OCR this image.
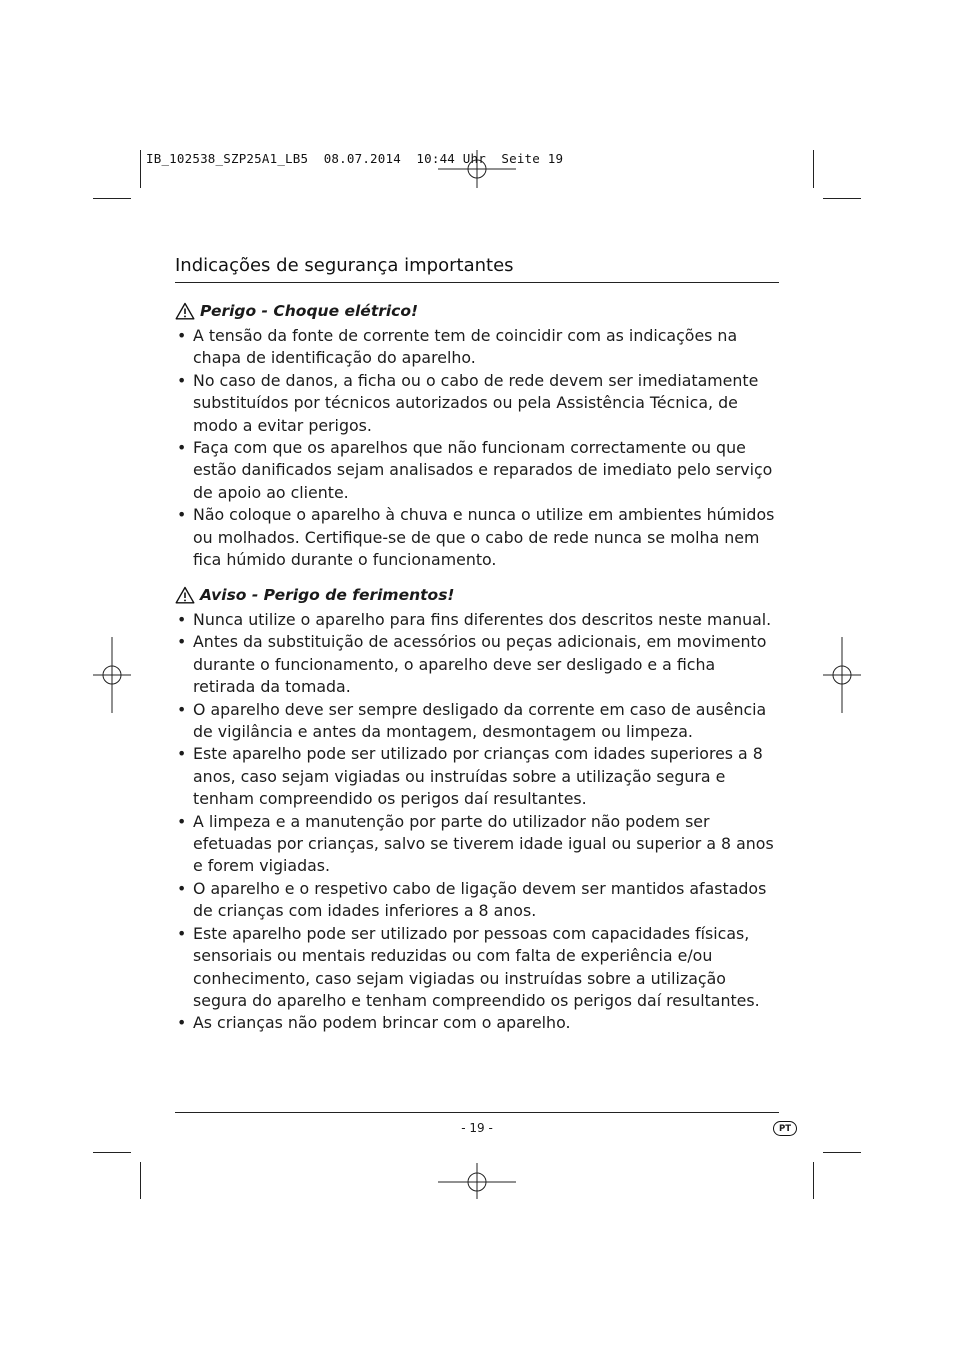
IB_102538_SZP25A1_LB5  08.07.2014  10:44 Uhr  Seite 19
Indicações de segurança importantes
Perigo - Choque elétrico!
• A tensão da fonte de corrente tem de coincidir com as indicações na chapa de identificação do aparelho.
• No caso de danos, a ficha ou o cabo de rede devem ser imediatamente substituídos por técnicos autorizados ou pela Assistência Técnica, de modo a evitar perigos.
• Faça com que os aparelhos que não funcionam correctamente ou que estão danificados sejam analisados e reparados de imediato pelo serviço de apoio ao cliente.
• Não coloque o aparelho à chuva e nunca o utilize em ambientes húmidos ou molhados. Certifique-se de que o cabo de rede nunca se molha nem fica húmido durante o funcionamento.
Aviso - Perigo de ferimentos!
• Nunca utilize o aparelho para fins diferentes dos descritos neste manual.
• Antes da substituição de acessórios ou peças adicionais, em movimento durante o funcionamento, o aparelho deve ser desligado e a ficha retirada da tomada.
• O aparelho deve ser sempre desligado da corrente em caso de ausência de vigilância e antes da montagem, desmontagem ou limpeza.
• Este aparelho pode ser utilizado por crianças com idades superiores a 8 anos, caso sejam vigiadas ou instruídas sobre a utilização segura e tenham compreendido os perigos daí resultantes.
• A limpeza e a manutenção por parte do utilizador não podem ser efetuadas por crianças, salvo se tiverem idade igual ou superior a 8 anos e forem vigiadas.
• O aparelho e o respetivo cabo de ligação devem ser mantidos afastados de crianças com idades inferiores a 8 anos.
• Este aparelho pode ser utilizado por pessoas com capacidades físicas, sensoriais ou mentais reduzidas ou com falta de experiência e/ou conhecimento, caso sejam vigiadas ou instruídas sobre a utilização segura do aparelho e tenham compreendido os perigos daí resultantes.
• As crianças não podem brincar com o aparelho.
- 19 -	PT
